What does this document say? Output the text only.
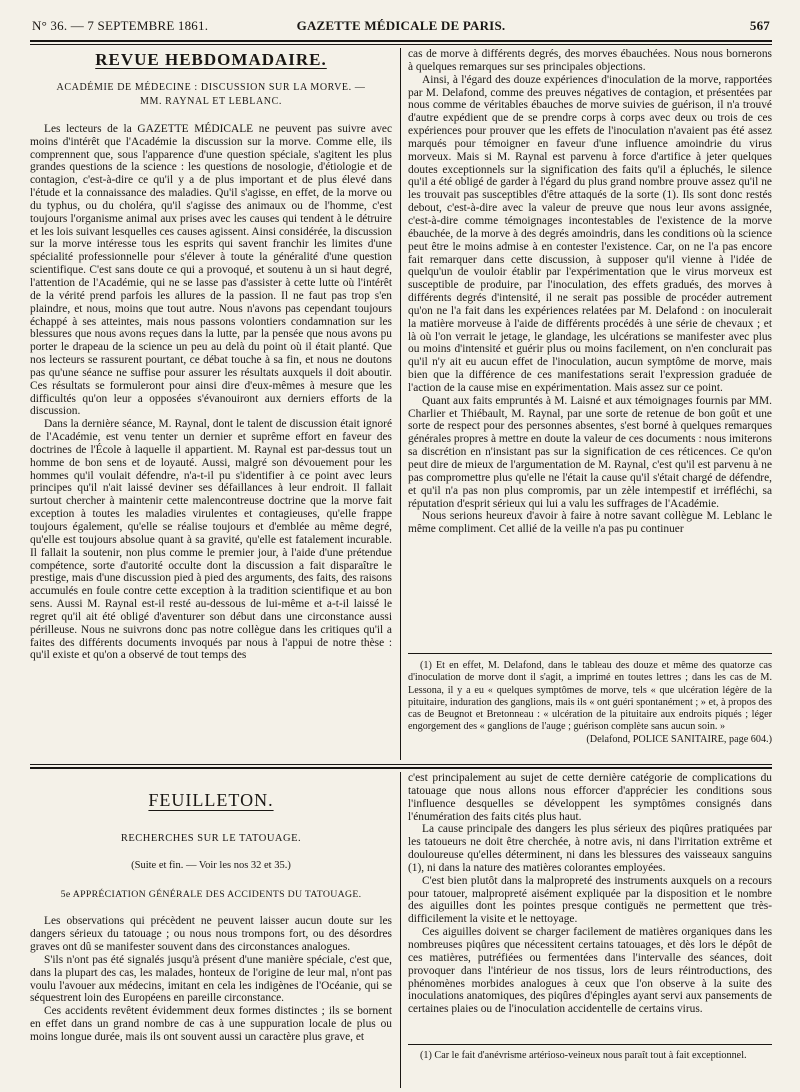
N° 36. — 7 SEPTEMBRE 1861.	GAZETTE MÉDICALE DE PARIS.	567
REVUE HEBDOMADAIRE.
ACADÉMIE DE MÉDECINE : DISCUSSION SUR LA MORVE. —
MM. RAYNAL ET LEBLANC.

Les lecteurs de la GAZETTE MÉDICALE ne peuvent pas suivre avec moins d'intérêt que l'Académie la discussion sur la morve. Comme elle, ils comprennent que, sous l'apparence d'une question spéciale, s'agitent les plus grandes questions de la science : les questions de nosologie, d'étiologie et de contagion, c'est-à-dire ce qu'il y a de plus important et de plus élevé dans l'étude et la connaissance des maladies. Qu'il s'agisse, en effet, de la morve ou du typhus, ou du choléra, qu'il s'agisse des animaux ou de l'homme, c'est toujours l'organisme animal aux prises avec les causes qui tendent à le détruire et les lois suivant lesquelles ces causes agissent. Ainsi considérée, la discussion sur la morve intéresse tous les esprits qui savent franchir les limites d'une spécialité professionnelle pour s'élever à toute la généralité d'une question scientifique. C'est sans doute ce qui a provoqué, et soutenu à un si haut degré, l'attention de l'Académie, qui ne se lasse pas d'assister à cette lutte où l'intérêt de la vérité prend parfois les allures de la passion. Il ne faut pas trop s'en plaindre, et nous, moins que tout autre. Nous n'avons pas cependant toujours échappé à ses atteintes, mais nous passons volontiers condamnation sur les blessures que nous avons reçues dans la lutte, par la pensée que nous avons pu porter le drapeau de la science un peu au delà du point où il était planté. Que nos lecteurs se rassurent pourtant, ce débat touche à sa fin, et nous ne doutons pas qu'une séance ne suffise pour assurer les résultats auxquels il doit aboutir. Ces résultats se formuleront pour ainsi dire d'eux-mêmes à mesure que les difficultés qu'on leur a opposées s'évanouiront aux derniers efforts de la discussion.

Dans la dernière séance, M. Raynal, dont le talent de discussion était ignoré de l'Académie, est venu tenter un dernier et suprême effort en faveur des doctrines de l'École à laquelle il appartient. M. Raynal est par-dessus tout un homme de bon sens et de loyauté. Aussi, malgré son dévouement pour les hommes qu'il voulait défendre, n'a-t-il pu s'identifier à ce point avec leurs principes qu'il n'ait laissé deviner ses défaillances à leur endroit. Il fallait surtout chercher à maintenir cette malencontreuse doctrine que la morve fait exception à toutes les maladies virulentes et contagieuses, qu'elle frappe toujours également, qu'elle se réalise toujours et d'emblée au même degré, qu'elle est toujours absolue quant à sa gravité, qu'elle est fatalement incurable. Il fallait la soutenir, non plus comme le premier jour, à l'aide d'une prétendue compétence, sorte d'autorité occulte dont la discussion a fait disparaître le prestige, mais d'une discussion pied à pied des arguments, des faits, des raisons accumulés en foule contre cette exception à la tradition scientifique et au bon sens. Aussi M. Raynal est-il resté au-dessous de lui-même et a-t-il laissé le regret qu'il ait été obligé d'aventurer son début dans une circonstance aussi périlleuse. Nous ne suivrons donc pas notre collègue dans les critiques qu'il a faites des différents documents invoqués par nous à l'appui de notre thèse : qu'il existe et qu'on a observé de tout temps des

cas de morve à différents degrés, des morves ébauchées. Nous nous bornerons à quelques remarques sur ses principales objections.

Ainsi, à l'égard des douze expériences d'inoculation de la morve, rapportées par M. Delafond, comme des preuves négatives de contagion, et présentées par nous comme de véritables ébauches de morve suivies de guérison, il n'a trouvé d'autre expédient que de se prendre corps à corps avec deux ou trois de ces expériences pour prouver que les effets de l'inoculation n'avaient pas été assez marqués pour témoigner en faveur d'une influence amoindrie du virus morveux. Mais si M. Raynal est parvenu à force d'artifice à jeter quelques doutes exceptionnels sur la signification des faits qu'il a épluchés, le silence qu'il a été obligé de garder à l'égard du plus grand nombre prouve assez qu'il ne les trouvait pas susceptibles d'être attaqués de la sorte (1). Ils sont donc restés debout, c'est-à-dire avec la valeur de preuve que nous leur avons assignée, c'est-à-dire comme témoignages incontestables de l'existence de la morve ébauchée, de la morve à des degrés amoindris, dans les conditions où la science peut être le moins admise à en contester l'existence. Car, on ne l'a pas encore fait remarquer dans cette discussion, à supposer qu'il vienne à l'idée de quelqu'un de vouloir établir par l'expérimentation que le virus morveux est susceptible de produire, par l'inoculation, des effets gradués, des morves à différents degrés d'intensité, il ne serait pas possible de procéder autrement qu'on ne l'a fait dans les expériences relatées par M. Delafond : on inoculerait la matière morveuse à l'aide de différents procédés à une série de chevaux ; et là où l'on verrait le jetage, le glandage, les ulcérations se manifester avec plus ou moins d'intensité et guérir plus ou moins facilement, on n'en conclurait pas qu'il n'y ait eu aucun effet de l'inoculation, aucun symptôme de morve, mais bien que la différence de ces manifestations serait l'expression graduée de l'action de la cause mise en expérimentation. Mais assez sur ce point.

Quant aux faits empruntés à M. Laisné et aux témoignages fournis par MM. Charlier et Thiébault, M. Raynal, par une sorte de retenue de bon goût et une sorte de respect pour des personnes absentes, s'est borné à quelques remarques générales propres à mettre en doute la valeur de ces documents : nous imiterons sa discrétion en n'insistant pas sur la signification de ces réticences. Ce qu'on peut dire de mieux de l'argumentation de M. Raynal, c'est qu'il est parvenu à ne pas compromettre plus qu'elle ne l'était la cause qu'il s'était chargé de défendre, et qu'il n'a pas non plus compromis, par un zèle intempestif et irréfléchi, sa réputation d'esprit sérieux qui lui a valu les suffrages de l'Académie.

Nous serions heureux d'avoir à faire à notre savant collègue M. Leblanc le même compliment. Cet allié de la veille n'a pas pu continuer

(1) Et en effet, M. Delafond, dans le tableau des douze et même des quatorze cas d'inoculation de morve dont il s'agit, a imprimé en toutes lettres ; dans les cas de M. Lessona, il y a eu « quelques symptômes de morve, tels « que ulcération légère de la pituitaire, induration des ganglions, mais ils « ont guéri spontanément ; » et, à propos des cas de Beugnot et Bretonneau : « ulcération de la pituitaire aux endroits piqués ; léger engorgement des « ganglions de l'auge ; guérison complète sans aucun soin. »

(Delafond, POLICE SANITAIRE, page 604.)
FEUILLETON.
RECHERCHES SUR LE TATOUAGE.
(Suite et fin. — Voir les nos 32 et 35.)
5e APPRÉCIATION GÉNÉRALE DES ACCIDENTS DU TATOUAGE.

Les observations qui précèdent ne peuvent laisser aucun doute sur les dangers sérieux du tatouage ; ou nous nous trompons fort, ou des désordres graves ont dû se manifester souvent dans des circonstances analogues.

S'ils n'ont pas été signalés jusqu'à présent d'une manière spéciale, c'est que, dans la plupart des cas, les malades, honteux de l'origine de leur mal, n'ont pas voulu l'avouer aux médecins, imitant en cela les indigènes de l'Océanie, qui se séquestrent loin des Européens en pareille circonstance.

Ces accidents revêtent évidemment deux formes distinctes ; ils se bornent en effet dans un grand nombre de cas à une suppuration locale de plus ou moins longue durée, mais ils ont souvent aussi un caractère plus grave, et

c'est principalement au sujet de cette dernière catégorie de complications du tatouage que nous allons nous efforcer d'apprécier les conditions sous l'influence desquelles se développent les symptômes consignés dans l'énumération des faits cités plus haut.

La cause principale des dangers les plus sérieux des piqûres pratiquées par les tatoueurs ne doit être cherchée, à notre avis, ni dans l'irritation extrême et douloureuse qu'elles déterminent, ni dans les blessures des vaisseaux sanguins (1), ni dans la nature des matières colorantes employées.

C'est bien plutôt dans la malpropreté des instruments auxquels on a recours pour tatouer, malpropreté aisément expliquée par la disposition et le nombre des aiguilles dont les pointes presque contiguës ne permettent que très-difficilement la visite et le nettoyage.

Ces aiguilles doivent se charger facilement de matières organiques dans les nombreuses piqûres que nécessitent certains tatouages, et dès lors le dépôt de ces matières, putréfiées ou fermentées dans l'intervalle des séances, doit provoquer dans l'intérieur de nos tissus, lors de leurs réintroductions, des phénomènes morbides analogues à ceux que l'on observe à la suite des inoculations anatomiques, des piqûres d'épingles ayant servi aux pansements de certaines plaies ou de l'inoculation accidentelle de certains virus.

(1) Car le fait d'anévrisme artérioso-veineux nous paraît tout à fait exceptionnel.
